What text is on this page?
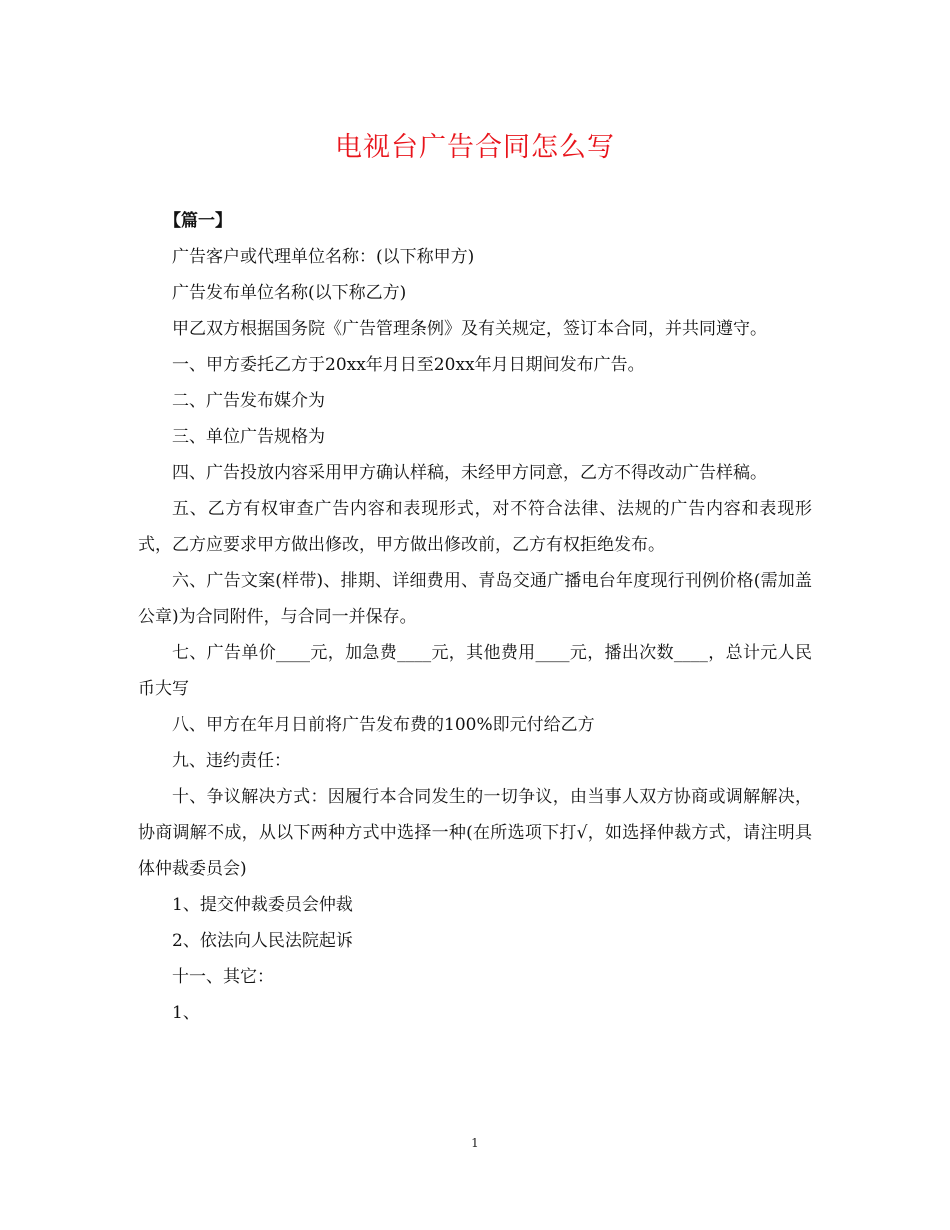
电视台广告合同怎么写

【篇一】

广告客户或代理单位名称：(以下称甲方)

广告发布单位名称(以下称乙方)

甲乙双方根据国务院《广告管理条例》及有关规定，签订本合同，并共同遵守。

一、甲方委托乙方于20xx年月日至20xx年月日期间发布广告。

二、广告发布媒介为

三、单位广告规格为

四、广告投放内容采用甲方确认样稿，未经甲方同意，乙方不得改动广告样稿。

五、乙方有权审查广告内容和表现形式，对不符合法律、法规的广告内容和表现形式，乙方应要求甲方做出修改，甲方做出修改前，乙方有权拒绝发布。

六、广告文案(样带)、排期、详细费用、青岛交通广播电台年度现行刊例价格(需加盖公章)为合同附件，与合同一并保存。

七、广告单价____元，加急费____元，其他费用____元，播出次数____，总计元人民币大写

八、甲方在年月日前将广告发布费的100%即元付给乙方

九、违约责任：

十、争议解决方式：因履行本合同发生的一切争议，由当事人双方协商或调解解决，协商调解不成，从以下两种方式中选择一种(在所选项下打√，如选择仲裁方式，请注明具体仲裁委员会)

1、提交仲裁委员会仲裁

2、依法向人民法院起诉

十一、其它：

1、

1
